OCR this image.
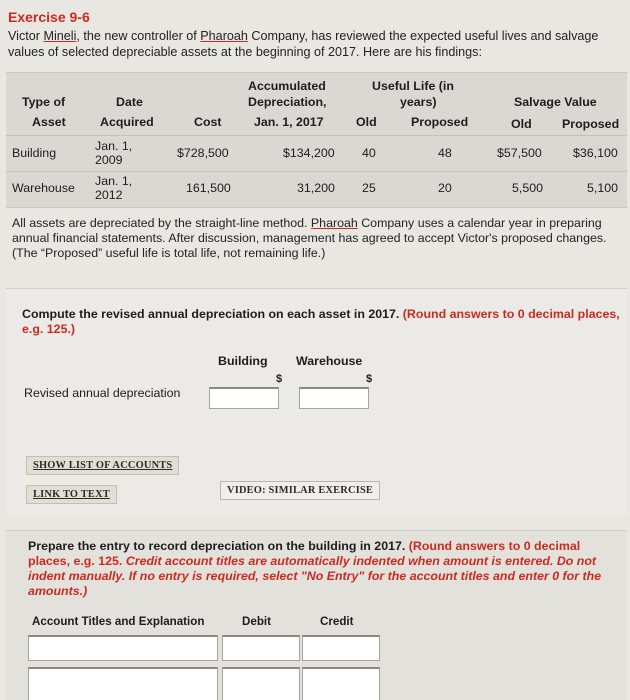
Exercise 9-6
Victor Mineli, the new controller of Pharoah Company, has reviewed the expected useful lives and salvage values of selected depreciable assets at the beginning of 2017. Here are his findings:
Type of
Asset
Date
Acquired	Cost
Accumulated
Depreciation,
Jan. 1, 2017
Useful Life (in
years)
Old	Proposed
Salvage Value
Old Proposed
Building	Jan. 1,
2009	$728,500	$134,200 40	48	$57,500	$36,100
Warehouse Jan. 1,
2012	161,500	31,200 25	20	5,500	5,100
All assets are depreciated by the straight-line method. Pharoah Company uses a calendar year in preparing annual financial statements. After discussion, management has agreed to accept Victor's proposed changes. (The “Proposed” useful life is total life, not remaining life.)
Compute the revised annual depreciation on each asset in 2017. (Round answers to 0 decimal places, e.g. 125.)
Building Warehouse
$	$
Revised annual depreciation
SHOW LIST OF ACCOUNTS
LINK TO TEXT	VIDEO: SIMILAR EXERCISE
Prepare the entry to record depreciation on the building in 2017. (Round answers to 0 decimal places, e.g. 125. Credit account titles are automatically indented when amount is entered. Do not indent manually. If no entry is required, select "No Entry" for the account titles and enter 0 for the amounts.)
Account Titles and Explanation	Debit	Credit
